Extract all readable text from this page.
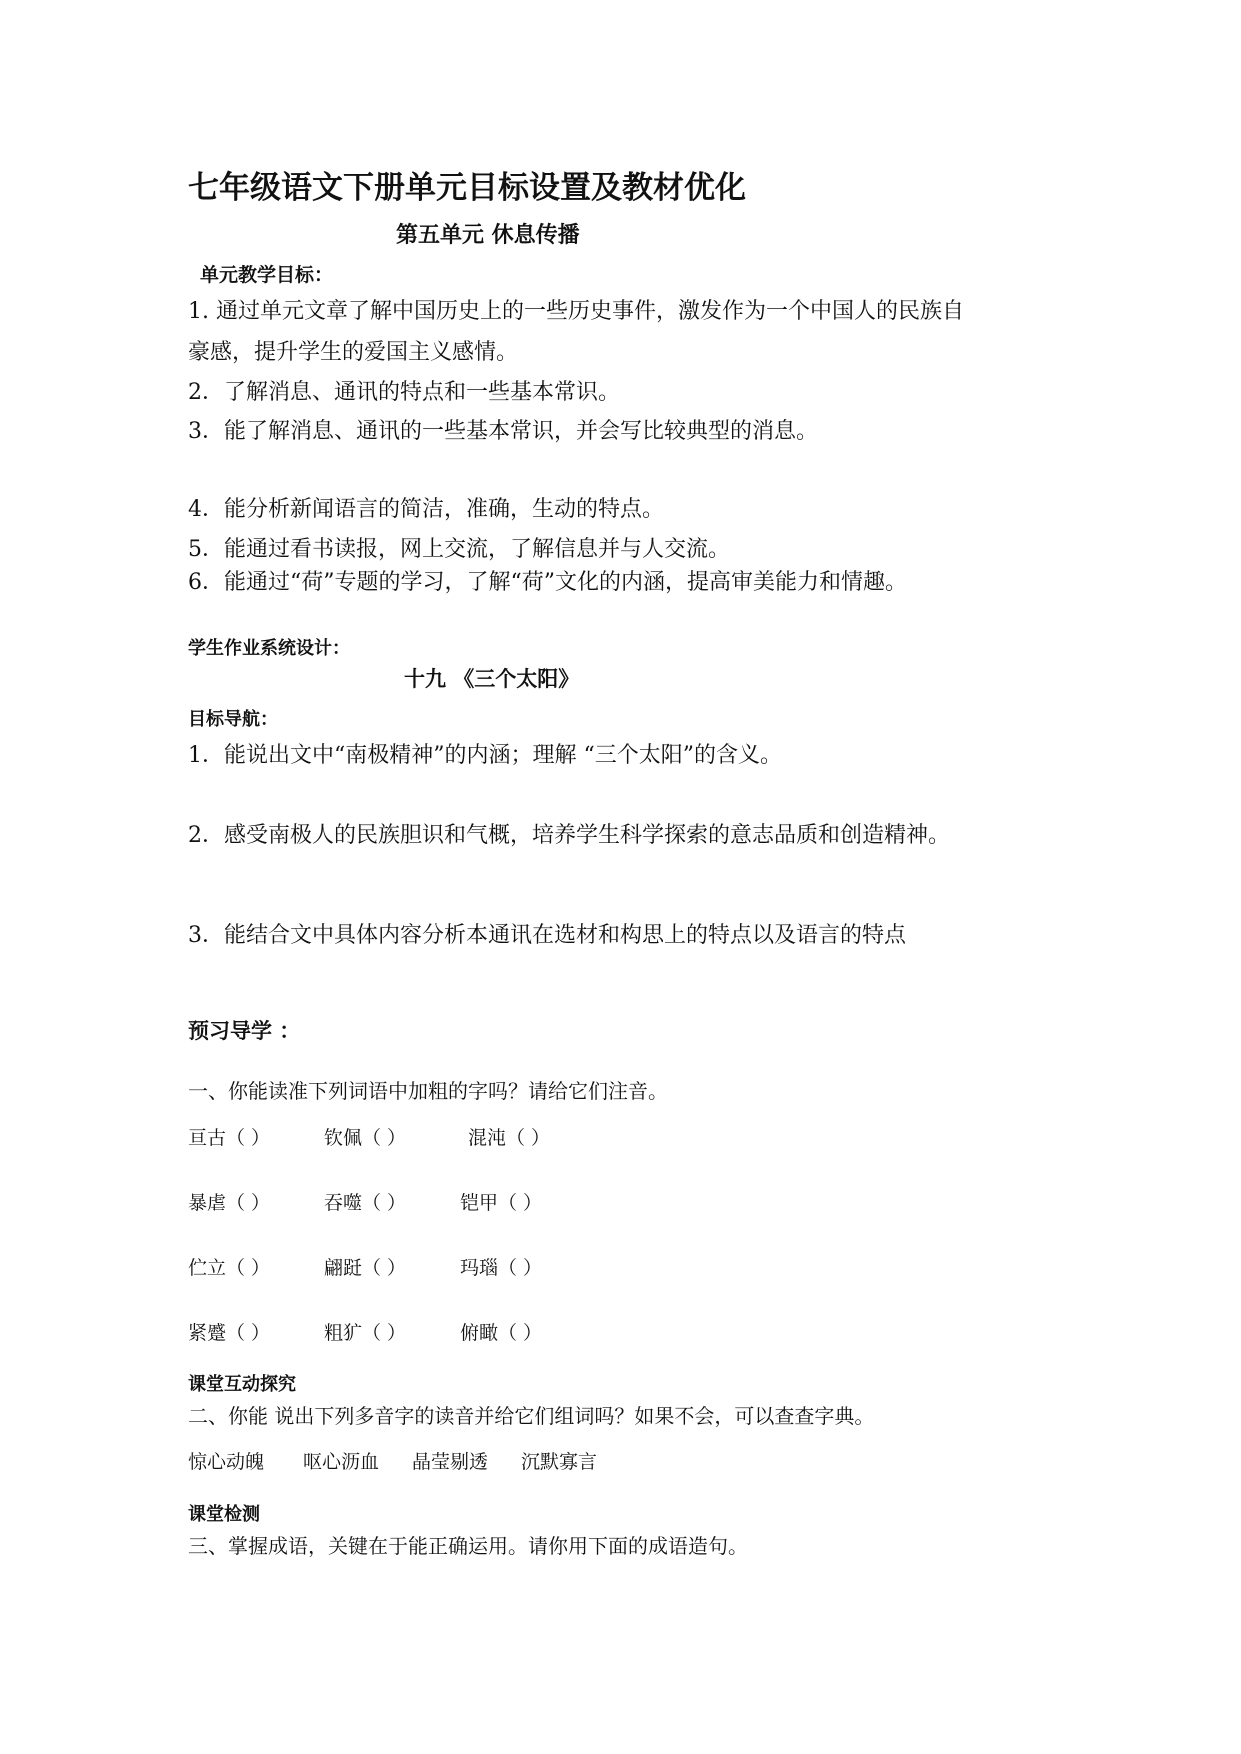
七年级语文下册单元目标设置及教材优化
第五单元 休息传播
单元教学目标：
1. 通过单元文章了解中国历史上的一些历史事件，激发作为一个中国人的民族自
豪感，提升学生的爱国主义感情。
2．了解消息、通讯的特点和一些基本常识。
3．能了解消息、通讯的一些基本常识，并会写比较典型的消息。
4．能分析新闻语言的简洁，准确，生动的特点。
5．能通过看书读报，网上交流，了解信息并与人交流。
6．能通过“荷”专题的学习，了解“荷”文化的内涵，提高审美能力和情趣。
学生作业系统设计：
十九 《三个太阳》
目标导航：
1．能说出文中“南极精神”的内涵；理解 “三个太阳”的含义。
2．感受南极人的民族胆识和气概，培养学生科学探索的意志品质和创造精神。
3．能结合文中具体内容分析本通讯在选材和构思上的特点以及语言的特点
预习导学 ：
一、你能读准下列词语中加粗的字吗？请给它们注音。
亘古（ ）	钦佩（ ）	混沌（ ）
暴虐（ ）	吞噬（ ）	铠甲（ ）
伫立（ ）	翩跹（ ）	玛瑙（ ）
紧蹙（ ）	粗犷（ ）	俯瞰（ ）
课堂互动探究
二、你能 说出下列多音字的读音并给它们组词吗？如果不会，可以查查字典。
惊心动魄 呕心沥血 晶莹剔透 沉默寡言
课堂检测
三、掌握成语，关键在于能正确运用。请你用下面的成语造句。
